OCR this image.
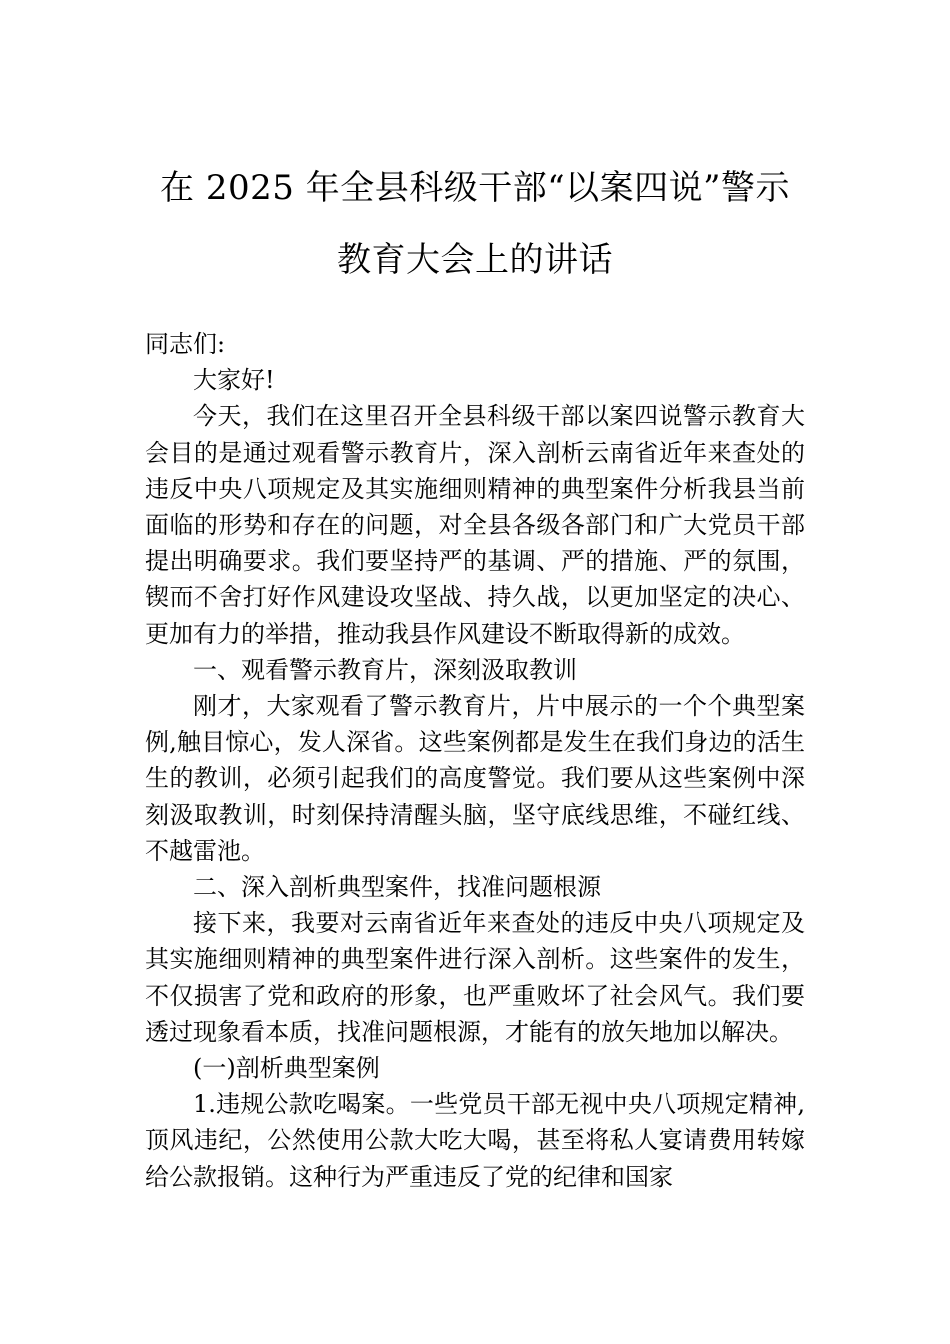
在 2025 年全县科级干部“以案四说”警示
教育大会上的讲话

同志们:

大家好!

今天，我们在这里召开全县科级干部以案四说警示教育大会目的是通过观看警示教育片，深入剖析云南省近年来查处的违反中央八项规定及其实施细则精神的典型案件分析我县当前面临的形势和存在的问题，对全县各级各部门和广大党员干部提出明确要求。我们要坚持严的基调、严的措施、严的氛围，锲而不舍打好作风建设攻坚战、持久战，以更加坚定的决心、更加有力的举措，推动我县作风建设不断取得新的成效。

一、观看警示教育片，深刻汲取教训

刚才，大家观看了警示教育片，片中展示的一个个典型案例,触目惊心，发人深省。这些案例都是发生在我们身边的活生生的教训，必须引起我们的高度警觉。我们要从这些案例中深刻汲取教训，时刻保持清醒头脑，坚守底线思维，不碰红线、不越雷池。

二、深入剖析典型案件，找准问题根源

接下来，我要对云南省近年来查处的违反中央八项规定及其实施细则精神的典型案件进行深入剖析。这些案件的发生，不仅损害了党和政府的形象，也严重败坏了社会风气。我们要透过现象看本质，找准问题根源，才能有的放矢地加以解决。

(一)剖析典型案例

1.违规公款吃喝案。一些党员干部无视中央八项规定精神,顶风违纪，公然使用公款大吃大喝，甚至将私人宴请费用转嫁给公款报销。这种行为严重违反了党的纪律和国家
